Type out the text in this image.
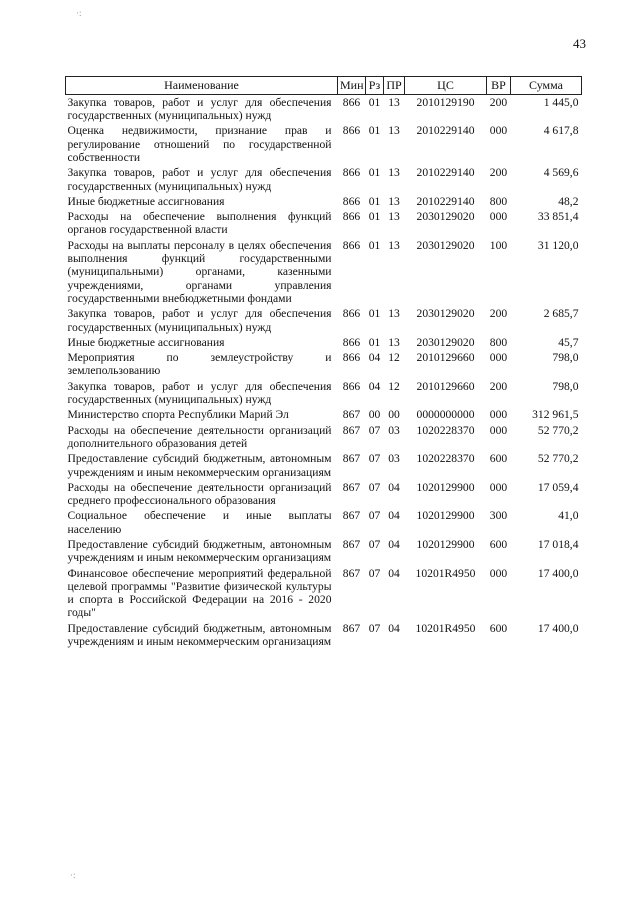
·:
43
Наименование	Мин	Рз	ПР	ЦС	ВР	Сумма
Закупка товаров, работ и услуг для обеспечения государственных (муниципальных) нужд	866	01	13	2010129190	200	1 445,0
Оценка недвижимости, признание прав и регулирование отношений по государственной собственности	866	01	13	2010229140	000	4 617,8
Закупка товаров, работ и услуг для обеспечения государственных (муниципальных) нужд	866	01	13	2010229140	200	4 569,6
Иные бюджетные ассигнования	866	01	13	2010229140	800	48,2
Расходы на обеспечение выполнения функций органов государственной власти	866	01	13	2030129020	000	33 851,4
Расходы на выплаты персоналу в целях обеспечения выполнения функций государственными (муниципальными) органами, казенными учреждениями, органами управления государственными внебюджетными фондами	866	01	13	2030129020	100	31 120,0
Закупка товаров, работ и услуг для обеспечения государственных (муниципальных) нужд	866	01	13	2030129020	200	2 685,7
Иные бюджетные ассигнования	866	01	13	2030129020	800	45,7
Мероприятия по землеустройству и землепользованию	866	04	12	2010129660	000	798,0
Закупка товаров, работ и услуг для обеспечения государственных (муниципальных) нужд	866	04	12	2010129660	200	798,0
Министерство спорта Республики Марий Эл	867	00	00	0000000000	000	312 961,5
Расходы на обеспечение деятельности организаций дополнительного образования детей	867	07	03	1020228370	000	52 770,2
Предоставление субсидий бюджетным, автономным учреждениям и иным некоммерческим организациям	867	07	03	1020228370	600	52 770,2
Расходы на обеспечение деятельности организаций среднего профессионального образования	867	07	04	1020129900	000	17 059,4
Социальное обеспечение и иные выплаты населению	867	07	04	1020129900	300	41,0
Предоставление субсидий бюджетным, автономным учреждениям и иным некоммерческим организациям	867	07	04	1020129900	600	17 018,4
Финансовое обеспечение мероприятий федеральной целевой программы "Развитие физической культуры и спорта в Российской Федерации на 2016 - 2020 годы"	867	07	04	10201R4950	000	17 400,0
Предоставление субсидий бюджетным, автономным учреждениям и иным некоммерческим организациям	867	07	04	10201R4950	600	17 400,0
·:
